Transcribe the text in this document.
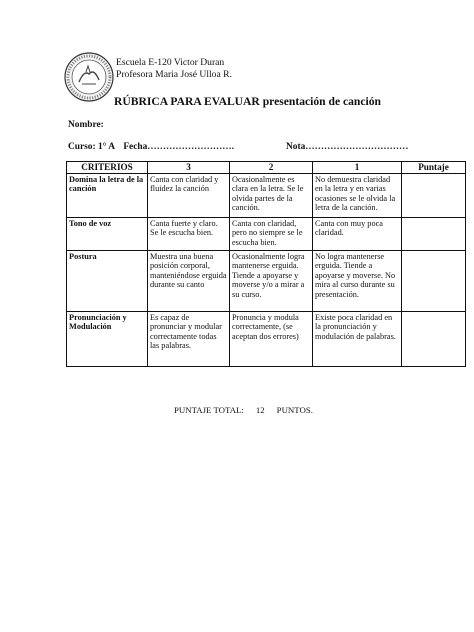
Escuela E-120 Victor Duran
Profesora Maria José Ulloa R.
RÚBRICA PARA EVALUAR presentación de canción
Nombre:
Curso: 1° A Fecha……………………….	Nota……………………………
CRITERIOS	3	2	1	Puntaje
Domina la letra de la canción	Canta con claridad y fluidez la canción	Ocasionalmente es clara en la letra. Se le olvida partes de la canción.	No demuestra claridad en la letra y en varias ocasiones se le olvida la letra de la canción.	
Tono de voz	Canta fuerte y claro. Se le escucha bien.	Canta con claridad, pero no siempre se le escucha bien.	Canta con muy poca claridad.	
Postura	Muestra una buena posición corporal, manteniéndose erguida durante su canto	Ocasionalmente logra mantenerse erguida. Tiende a apoyarse y moverse y/o a mirar a su curso.	No logra mantenerse erguida. Tiende a apoyarse y moverse. No mira al curso durante su presentación.	
Pronunciación y Modulación	Es capaz de pronunciar y modular correctamente todas las palabras.	Pronuncia y modula correctamente, (se aceptan dos errores)	Existe poca claridad en la pronunciación y modulación de palabras.	
PUNTAJE TOTAL: 12 PUNTOS.
